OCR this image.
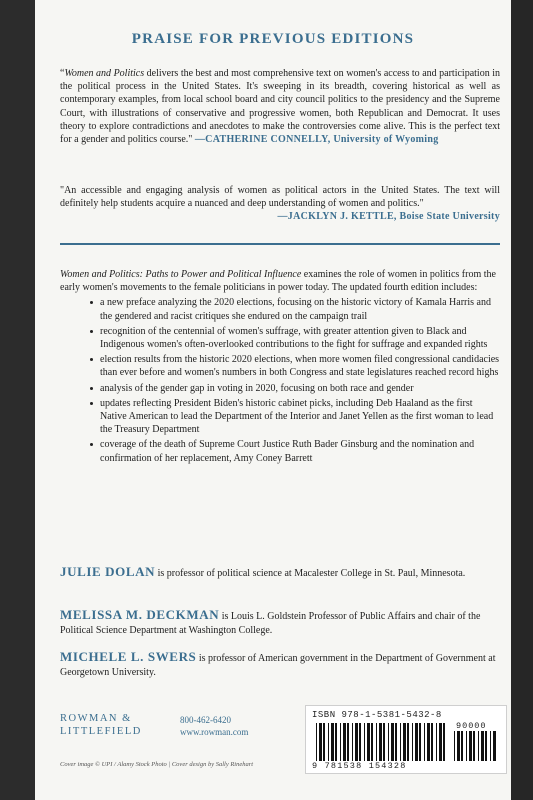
PRAISE FOR PREVIOUS EDITIONS
“Women and Politics delivers the best and most comprehensive text on women's access to and participation in the political process in the United States. It's sweeping in its breadth, covering historical as well as contemporary examples, from local school board and city council politics to the presidency and the Supreme Court, with illustrations of conservative and progressive women, both Republican and Democrat. It uses theory to explore contradictions and anecdotes to make the controversies come alive. This is the perfect text for a gender and politics course." —CATHERINE CONNELLY, University of Wyoming
"An accessible and engaging analysis of women as political actors in the United States. The text will definitely help students acquire a nuanced and deep understanding of women and politics."
—JACKLYN J. KETTLE, Boise State University
Women and Politics: Paths to Power and Political Influence examines the role of women in politics from the early women's movements to the female politicians in power today. The updated fourth edition includes:
a new preface analyzing the 2020 elections, focusing on the historic victory of Kamala Harris and the gendered and racist critiques she endured on the campaign trail
recognition of the centennial of women's suffrage, with greater attention given to Black and Indigenous women's often-overlooked contributions to the fight for suffrage and expanded rights
election results from the historic 2020 elections, when more women filed congressional candidacies than ever before and women's numbers in both Congress and state legislatures reached record highs
analysis of the gender gap in voting in 2020, focusing on both race and gender
updates reflecting President Biden's historic cabinet picks, including Deb Haaland as the first Native American to lead the Department of the Interior and Janet Yellen as the first woman to lead the Treasury Department
coverage of the death of Supreme Court Justice Ruth Bader Ginsburg and the nomination and confirmation of her replacement, Amy Coney Barrett
JULIE DOLAN is professor of political science at Macalester College in St. Paul, Minnesota.
MELISSA M. DECKMAN is Louis L. Goldstein Professor of Public Affairs and chair of the Political Science Department at Washington College.
MICHELE L. SWERS is professor of American government in the Department of Government at Georgetown University.
ROWMAN &
LITTLEFIELD
800-462-6420
www.rowman.com
Cover image © UPI / Alamy Stock Photo | Cover design by Sally Rinehart
ISBN 978-1-5381-5432-8
90000
9 781538 154328
